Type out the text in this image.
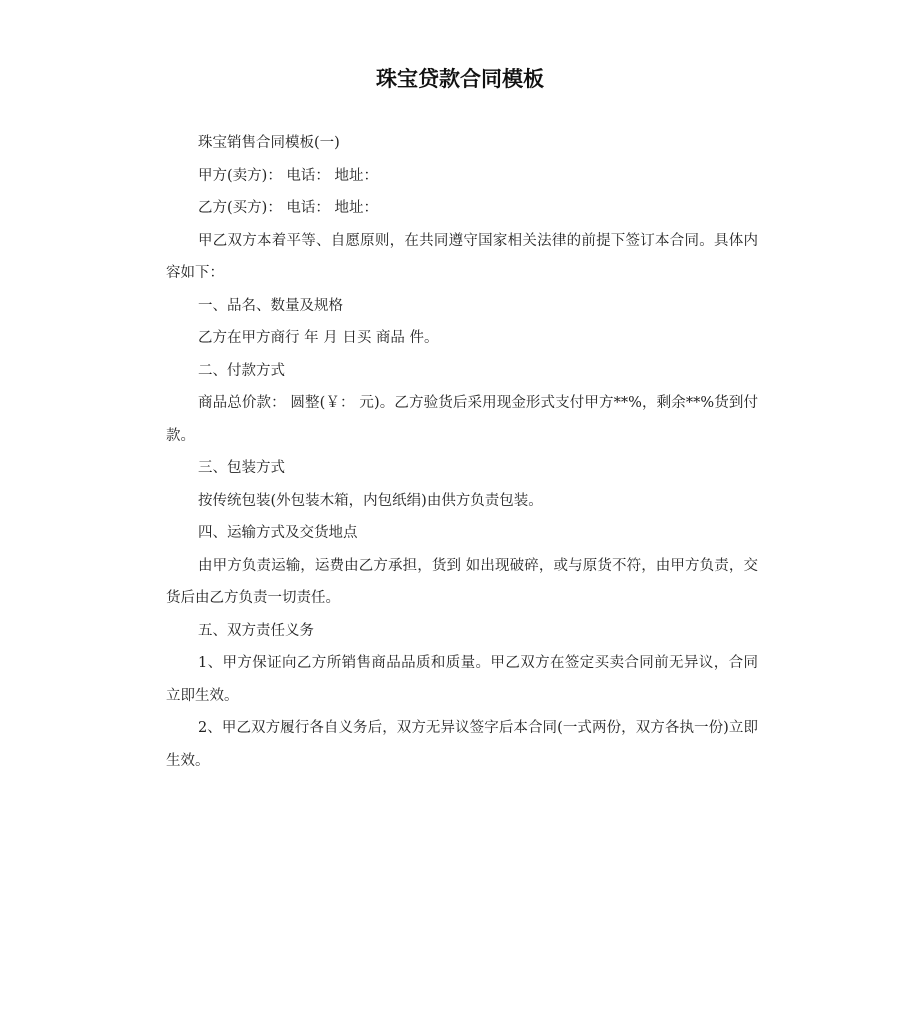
珠宝贷款合同模板

珠宝销售合同模板(一)

甲方(卖方)： 电话： 地址：

乙方(买方)： 电话： 地址：

甲乙双方本着平等、自愿原则，在共同遵守国家相关法律的前提下签订本合同。具体内容如下：

一、品名、数量及规格

乙方在甲方商行 年 月 日买 商品 件。

二、付款方式

商品总价款： 圆整(￥： 元)。乙方验货后采用现金形式支付甲方**%，剩余**%货到付款。

三、包装方式

按传统包装(外包装木箱，内包纸绢)由供方负责包装。

四、运输方式及交货地点

由甲方负责运输，运费由乙方承担，货到 如出现破碎，或与原货不符，由甲方负责，交货后由乙方负责一切责任。

五、双方责任义务

1、甲方保证向乙方所销售商品品质和质量。甲乙双方在签定买卖合同前无异议，合同立即生效。

2、甲乙双方履行各自义务后，双方无异议签字后本合同(一式两份，双方各执一份)立即生效。
